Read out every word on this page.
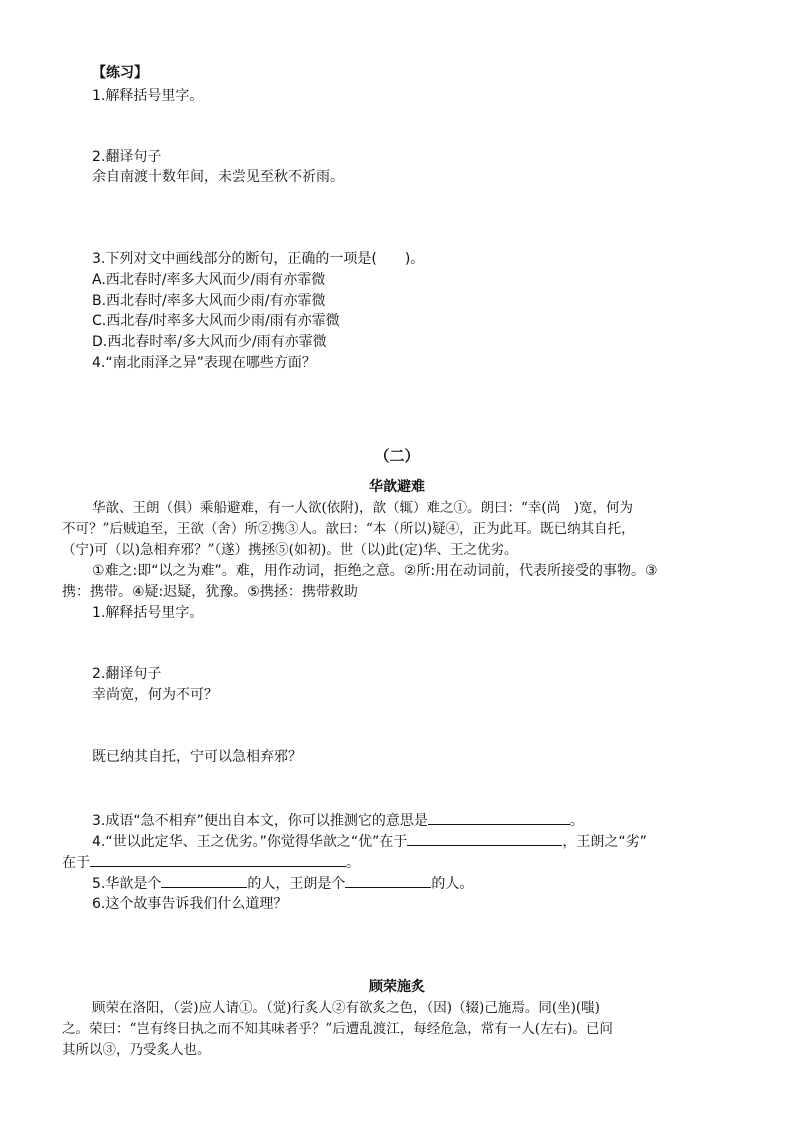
【练习】
1.解释括号里字。
2.翻译句子
余自南渡十数年间，未尝见至秋不祈雨。
3.下列对文中画线部分的断句，正确的一项是(　　)。
A.西北春时/率多大风而少/雨有亦霏微
B.西北春时/率多大风而少雨/有亦霏微
C.西北春/时率多大风而少雨/雨有亦霏微
D.西北春时率/多大风而少/雨有亦霏微
4.“南北雨泽之异”表现在哪些方面？
（二）
华歆避难
华歆、王朗（俱）乘船避难，有一人欲(依附)，歆（辄）难之①。朗曰：“幸(尚　)宽，何为
不可？”后贼追至，王欲（舍）所②携③人。歆曰：“本（所以)疑④，正为此耳。既已纳其自托，
（宁)可（以)急相弃邪？”（遂）携拯⑤(如初)。世（以)此(定)华、王之优劣。
①难之:即“以之为难”。难，用作动词，拒绝之意。②所:用在动词前，代表所接受的事物。③
携：携带。④疑:迟疑，犹豫。⑤携拯：携带救助
1.解释括号里字。
2.翻译句子
幸尚宽，何为不可？
既已纳其自托，宁可以急相弃邪？
3.成语“急不相弃”便出自本文，你可以推测它的意思是	。
4.“世以此定华、王之优劣。”你觉得华歆之“优”在于	，王朗之“劣”
在于	。
5.华歆是个	的人，王朗是个	的人。
6.这个故事告诉我们什么道理？
顾荣施炙
顾荣在洛阳，（尝)应人请①。（觉)行炙人②有欲炙之色，（因)（辍)己施焉。同(坐)(嗤)
之。荣曰：“岂有终日执之而不知其味者乎？”后遭乱渡江，每经危急，常有一人(左右)。已问
其所以③，乃受炙人也。
